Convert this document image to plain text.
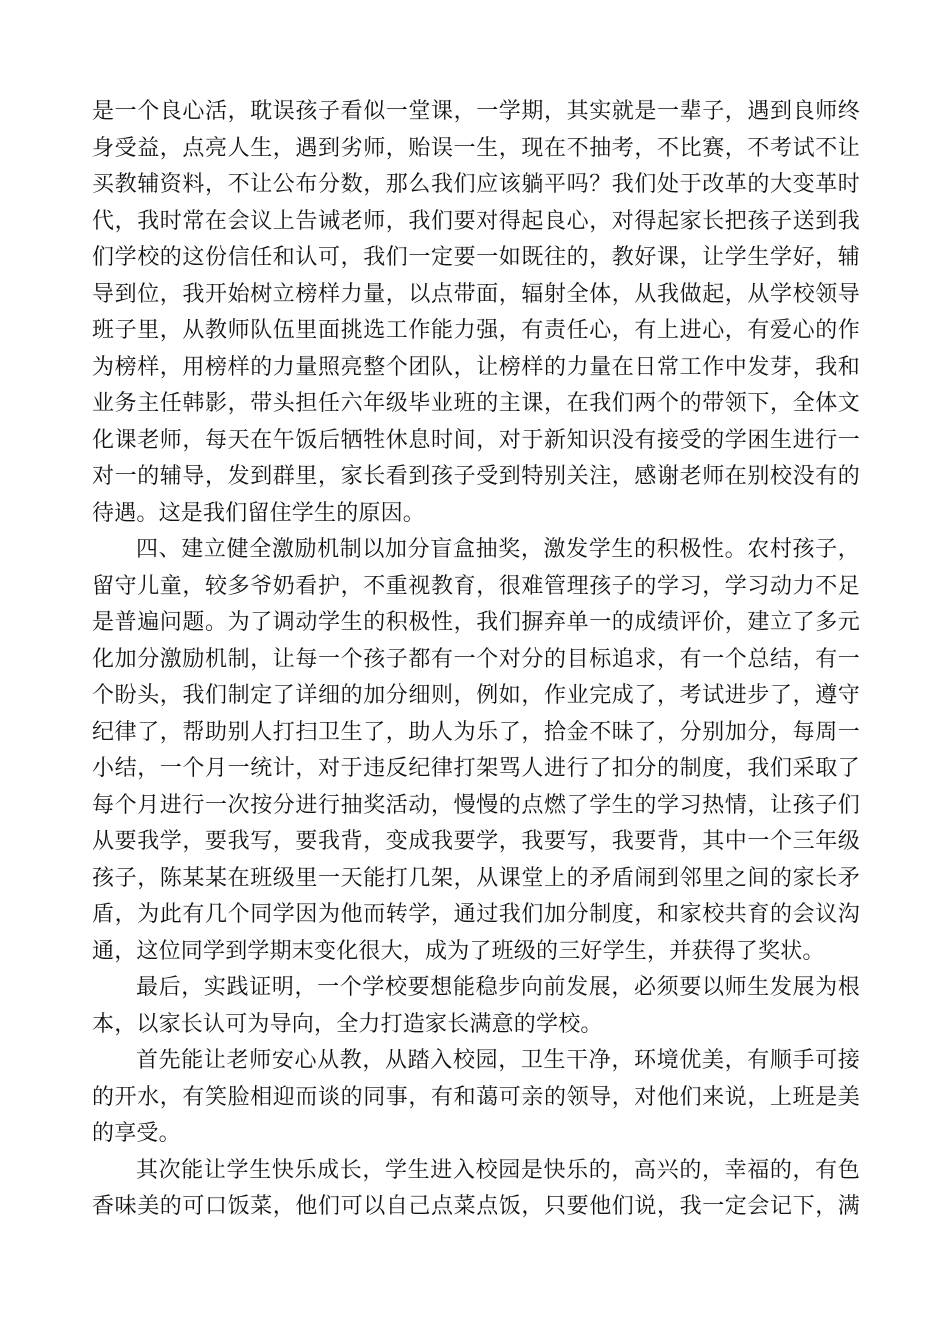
是一个良心活，耽误孩子看似一堂课，一学期，其实就是一辈子，遇到良师终
身受益，点亮人生，遇到劣师，贻误一生，现在不抽考，不比赛，不考试不让
买教辅资料，不让公布分数，那么我们应该躺平吗？我们处于改革的大变革时
代，我时常在会议上告诫老师，我们要对得起良心，对得起家长把孩子送到我
们学校的这份信任和认可，我们一定要一如既往的，教好课，让学生学好，辅
导到位，我开始树立榜样力量，以点带面，辐射全体，从我做起，从学校领导
班子里，从教师队伍里面挑选工作能力强，有责任心，有上进心，有爱心的作
为榜样，用榜样的力量照亮整个团队，让榜样的力量在日常工作中发芽，我和
业务主任韩影，带头担任六年级毕业班的主课，在我们两个的带领下，全体文
化课老师，每天在午饭后牺牲休息时间，对于新知识没有接受的学困生进行一
对一的辅导，发到群里，家长看到孩子受到特别关注，感谢老师在别校没有的
待遇。这是我们留住学生的原因。
四、建立健全激励机制以加分盲盒抽奖，激发学生的积极性。农村孩子，
留守儿童，较多爷奶看护，不重视教育，很难管理孩子的学习，学习动力不足
是普遍问题。为了调动学生的积极性，我们摒弃单一的成绩评价，建立了多元
化加分激励机制，让每一个孩子都有一个对分的目标追求，有一个总结，有一
个盼头，我们制定了详细的加分细则，例如，作业完成了，考试进步了，遵守
纪律了，帮助别人打扫卫生了，助人为乐了，拾金不昧了，分别加分，每周一
小结，一个月一统计，对于违反纪律打架骂人进行了扣分的制度，我们采取了
每个月进行一次按分进行抽奖活动，慢慢的点燃了学生的学习热情，让孩子们
从要我学，要我写，要我背，变成我要学，我要写，我要背，其中一个三年级
孩子，陈某某在班级里一天能打几架，从课堂上的矛盾闹到邻里之间的家长矛
盾，为此有几个同学因为他而转学，通过我们加分制度，和家校共育的会议沟
通，这位同学到学期末变化很大，成为了班级的三好学生，并获得了奖状。
最后，实践证明，一个学校要想能稳步向前发展，必须要以师生发展为根
本，以家长认可为导向，全力打造家长满意的学校。
首先能让老师安心从教，从踏入校园，卫生干净，环境优美，有顺手可接
的开水，有笑脸相迎而谈的同事，有和蔼可亲的领导，对他们来说，上班是美
的享受。
其次能让学生快乐成长，学生进入校园是快乐的，高兴的，幸福的，有色
香味美的可口饭菜，他们可以自己点菜点饭，只要他们说，我一定会记下，满
